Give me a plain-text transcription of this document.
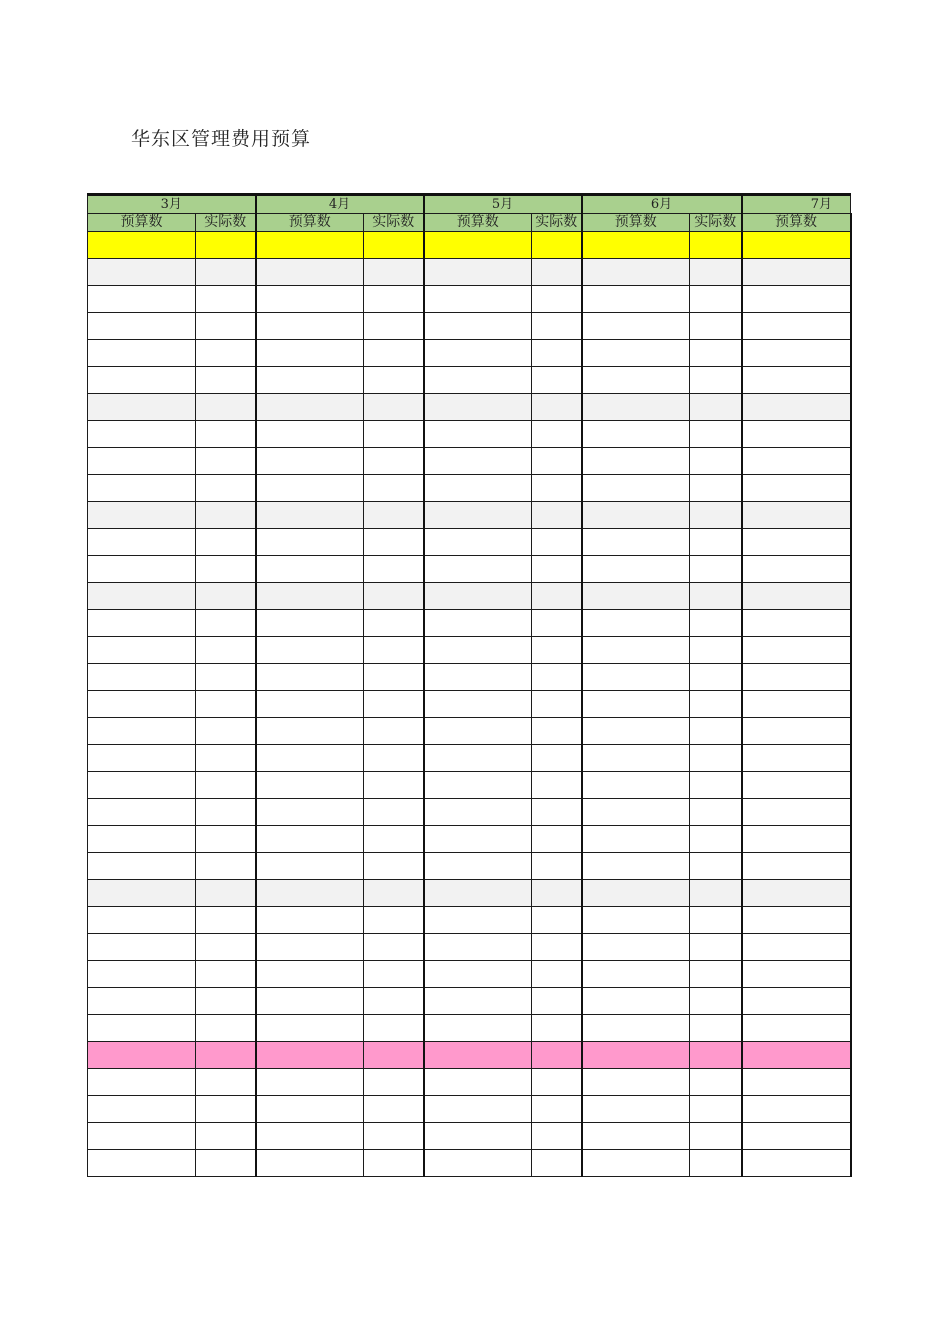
华东区管理费用预算
3月		4月		5月		6月		7月
预算数	实际数	预算数	实际数	预算数	实际数	预算数	实际数	预算数
